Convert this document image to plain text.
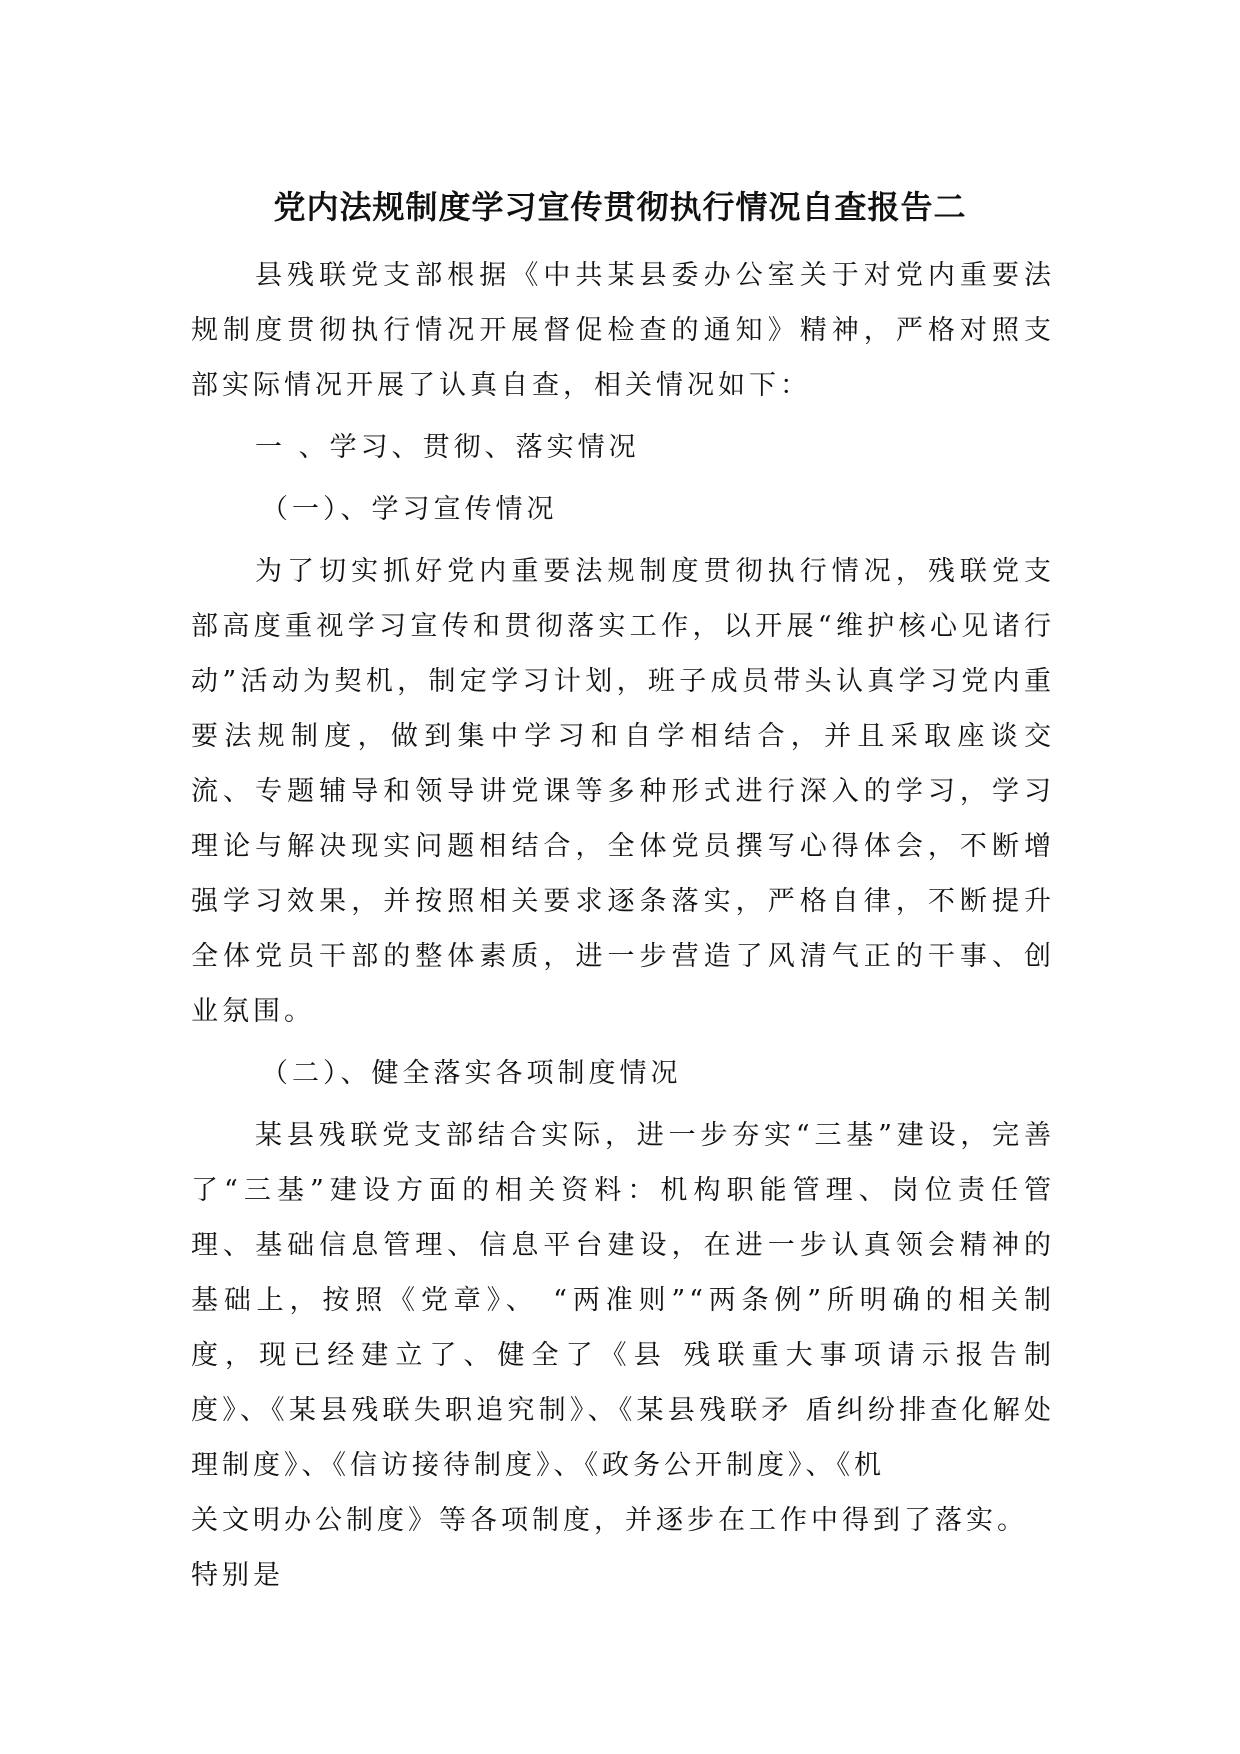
党内法规制度学习宣传贯彻执行情况自查报告二

县残联党支部根据《中共某县委办公室关于对党内重要法规制度贯彻执行情况开展督促检查的通知》精神，严格对照支部实际情况开展了认真自查，相关情况如下：

一 、学习、贯彻、落实情况

（一）、学习宣传情况

为了切实抓好党内重要法规制度贯彻执行情况，残联党支部高度重视学习宣传和贯彻落实工作，以开展“维护核心见诸行动”活动为契机，制定学习计划，班子成员带头认真学习党内重要法规制度，做到集中学习和自学相结合，并且采取座谈交流、专题辅导和领导讲党课等多种形式进行深入的学习，学习理论与解决现实问题相结合，全体党员撰写心得体会，不断增强学习效果，并按照相关要求逐条落实，严格自律，不断提升全体党员干部的整体素质，进一步营造了风清气正的干事、创业氛围。

（二）、健全落实各项制度情况

某县残联党支部结合实际，进一步夯实“三基”建设，完善了“三基”建设方面的相关资料：机构职能管理、岗位责任管理、基础信息管理、信息平台建设，在进一步认真领会精神的基础上，按照《党章》、 “两准则”“两条例”所明确的相关制度，现已经建立了、健全了《县 残联重大事项请示报告制度》、《某县残联失职追究制》、《某县残联矛 盾纠纷排查化解处理制度》、《信访接待制度》、《政务公开制度》、《机

关文明办公制度》等各项制度，并逐步在工作中得到了落实。特别是
